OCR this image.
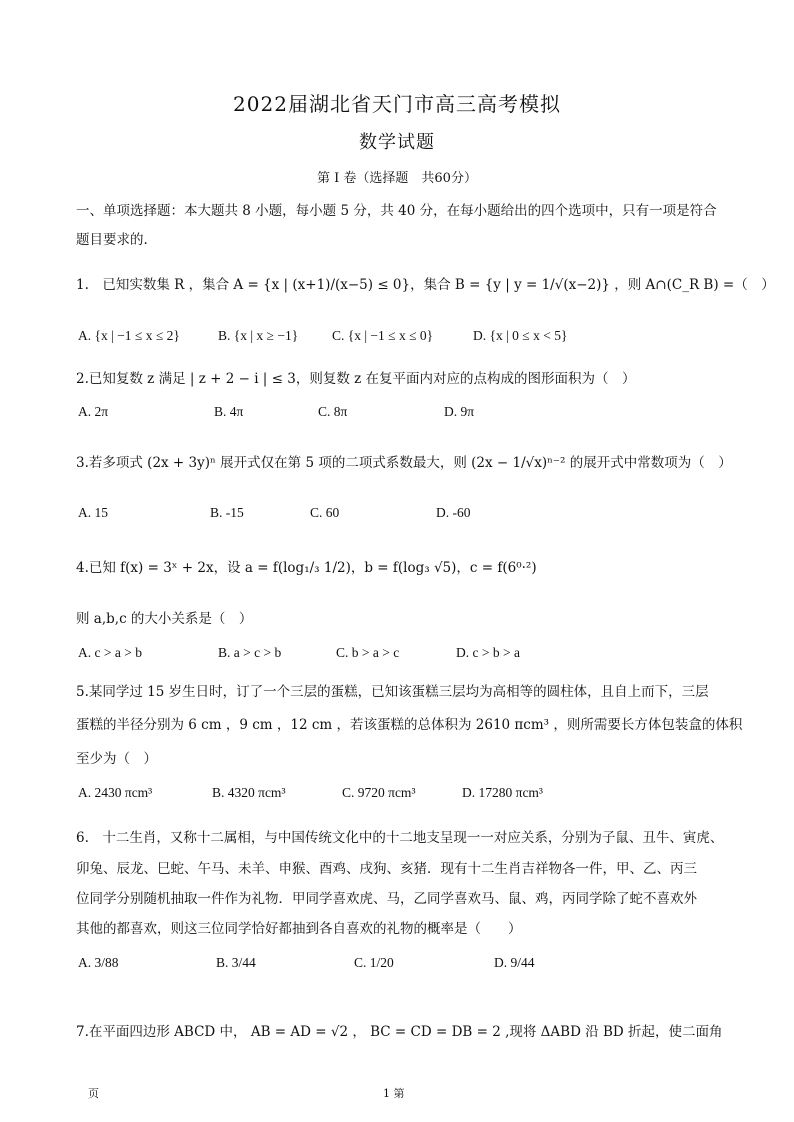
2022届湖北省天门市高三高考模拟
数学试题
第 I 卷（选择题　共60分）
一、单项选择题：本大题共 8 小题，每小题 5 分，共 40 分，在每小题给出的四个选项中，只有一项是符合
题目要求的.
1.　已知实数集 R ，集合 A = {x | (x+1)/(x−5) ≤ 0}，集合 B = {y | y = 1/√(x−2)} ，则 A∩(C_R B) =（　）
A. {x | −1 ≤ x ≤ 2}	B. {x | x ≥ −1}	C. {x | −1 ≤ x ≤ 0}	D. {x | 0 ≤ x < 5}
2.已知复数 z 满足 | z + 2 − i | ≤ 3，则复数 z 在复平面内对应的点构成的图形面积为（　）
A. 2π	B. 4π	C. 8π	D. 9π
3.若多项式 (2x + 3y)ⁿ 展开式仅在第 5 项的二项式系数最大，则 (2x − 1/√x)ⁿ⁻² 的展开式中常数项为（　）
A. 15	B. -15	C. 60	D. -60
4.已知 f(x) = 3ˣ + 2x，设 a = f(log₁/₃ 1/2)，b = f(log₃ √5)，c = f(6⁰·²)
则 a,b,c 的大小关系是（　）
A. c > a > b	B. a > c > b	C. b > a > c	D. c > b > a
5.某同学过 15 岁生日时，订了一个三层的蛋糕，已知该蛋糕三层均为高相等的圆柱体，且自上而下，三层
蛋糕的半径分别为 6 cm ，9 cm ，12 cm ，若该蛋糕的总体积为 2610 πcm³ ，则所需要长方体包装盒的体积
至少为（　）
A. 2430 πcm³	B. 4320 πcm³	C. 9720 πcm³	D. 17280 πcm³
6.　十二生肖，又称十二属相，与中国传统文化中的十二地支呈现一一对应关系，分别为子鼠、丑牛、寅虎、
卯兔、辰龙、巳蛇、午马、未羊、申猴、酉鸡、戌狗、亥猪．现有十二生肖吉祥物各一件，甲、乙、丙三
位同学分别随机抽取一件作为礼物．甲同学喜欢虎、马，乙同学喜欢马、鼠、鸡，丙同学除了蛇不喜欢外
其他的都喜欢，则这三位同学恰好都抽到各自喜欢的礼物的概率是（　　）
A. 3/88	B. 3/44	C. 1/20	D. 9/44
7.在平面四边形 ABCD 中， AB = AD = √2 ， BC = CD = DB = 2 ,现将 ΔABD 沿 BD 折起，使二面角
页	1 第
